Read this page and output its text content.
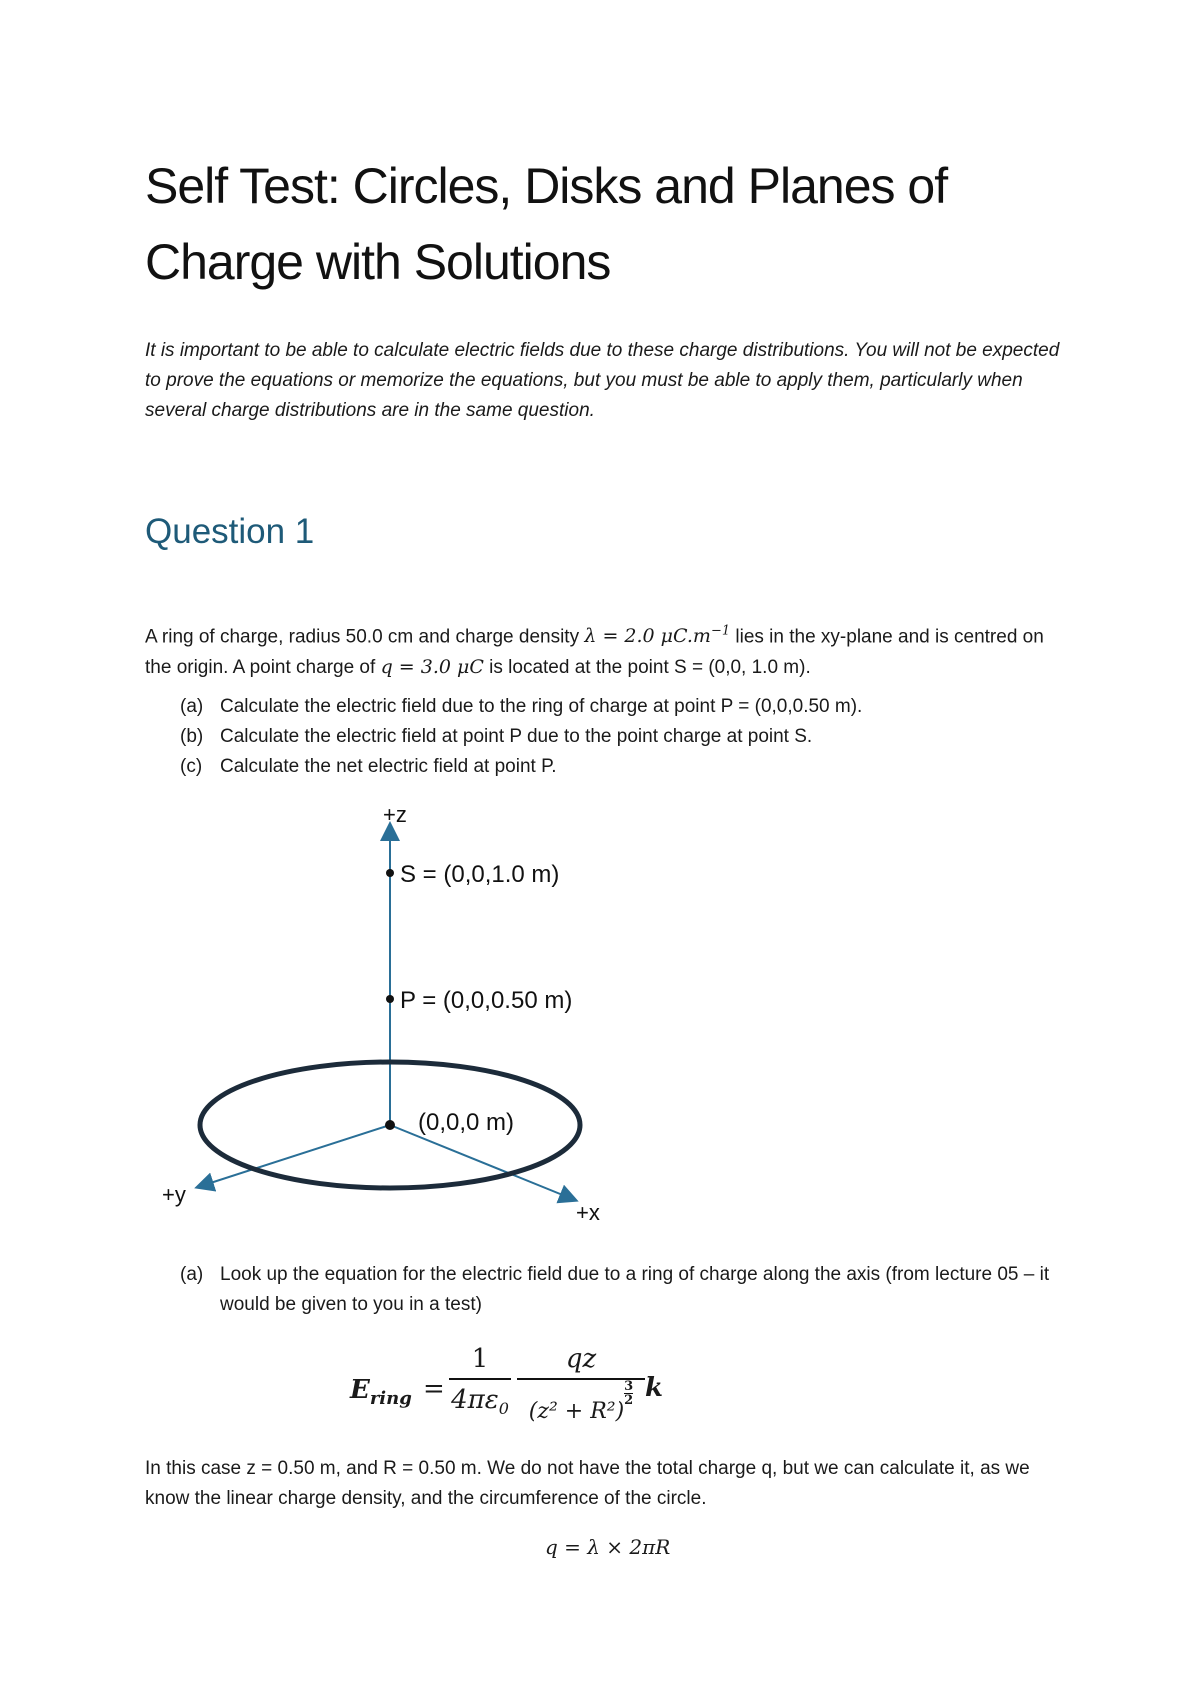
Self Test: Circles, Disks and Planes of Charge with Solutions

It is important to be able to calculate electric fields due to these charge distributions. You will not be expected to prove the equations or memorize the equations, but you must be able to apply them, particularly when several charge distributions are in the same question.

Question 1

A ring of charge, radius 50.0 cm and charge density λ = 2.0 $\mu C.m^{-1}$ lies in the xy-plane and is centred on the origin. A point charge of q = 3.0 μC is located at the point S = (0,0, 1.0 m).

(a) Calculate the electric field due to the ring of charge at point P = (0,0,0.50 m).
(b) Calculate the electric field at point P due to the point charge at point S.
(c) Calculate the net electric field at point P.
+z
+y
+x
S = (0,0,1.0 m)
P = (0,0,0.50 m)
(0,0,0 m)
(a) Look up the equation for the electric field due to a ring of charge along the axis (from lecture 05 – it would be given to you in a test)
$E_{ring}$ =
1
$4\pi\varepsilon_0$
qz
(z² + R²)
$\frac{3}{2}$ k

In this case z = 0.50 m, and R = 0.50 m. We do not have the total charge q, but we can calculate it, as we know the linear charge density, and the circumference of the circle.

q = λ × 2πR
